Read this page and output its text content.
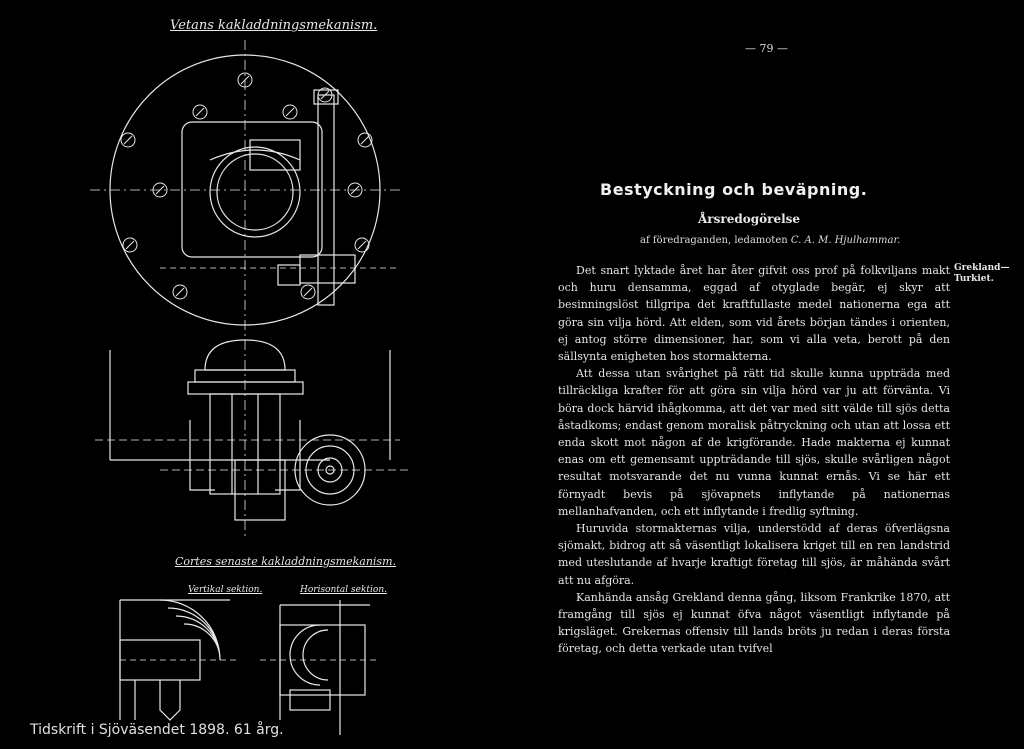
Vetans kakladdningsmekanism.
Cortes senaste kakladdningsmekanism.
Vertikal sektion.	Horisontal sektion.
Tidskrift i Sjöväsendet 1898. 61 årg.
— 79 —
Bestyckning och beväpning.
Årsredogörelse
af föredraganden, ledamoten C. A. M. Hjulhammar.
Grekland— Turkiet.

Det snart lyktade året har åter gifvit oss prof på folkviljans makt och huru densamma, eggad af otyglade begär, ej skyr att besinningslöst tillgripa det kraftfullaste medel nationerna ega att göra sin vilja hörd. Att elden, som vid årets början tändes i orienten, ej antog större dimensioner, har, som vi alla veta, berott på den sällsynta enigheten hos stormakterna.

Att dessa utan svårighet på rätt tid skulle kunna uppträda med tillräckliga krafter för att göra sin vilja hörd var ju att förvänta. Vi böra dock härvid ihågkomma, att det var med sitt välde till sjös detta åstadkoms; endast genom moralisk påtryckning och utan att lossa ett enda skott mot någon af de krigförande. Hade makterna ej kunnat enas om ett gemensamt uppträdande till sjös, skulle svårligen något resultat motsvarande det nu vunna kunnat ernås. Vi se här ett förnyadt bevis på sjövapnets inflytande på nationernas mellanhafvanden, och ett inflytande i fredlig syftning.

Huruvida stormakternas vilja, understödd af deras öfverlägsna sjömakt, bidrog att så väsentligt lokalisera kriget till en ren landstrid med uteslutande af hvarje kraftigt företag till sjös, är måhända svårt att nu afgöra.

Kanhända ansåg Grekland denna gång, liksom Frankrike 1870, att framgång till sjös ej kunnat öfva något väsentligt inflytande på krigsläget. Grekernas offensiv till lands bröts ju redan i deras första företag, och detta verkade utan tvifvel
